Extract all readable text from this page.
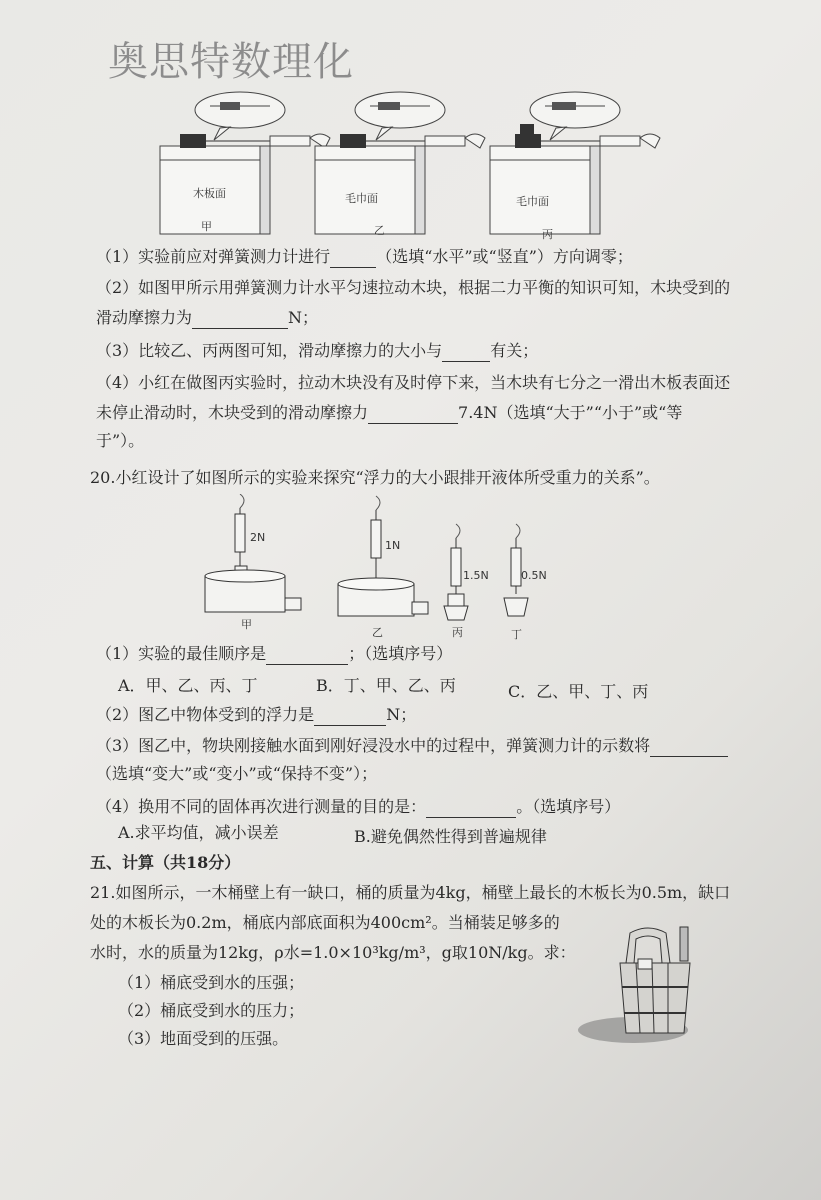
奥思特数理化
木板面	毛巾面	毛巾面
甲	乙	丙
（1）实验前应对弹簧测力计进行	（选填“水平”或“竖直”）方向调零；
（2）如图甲所示用弹簧测力计水平匀速拉动木块，根据二力平衡的知识可知，木块受到的
滑动摩擦力为	N；
（3）比较乙、丙两图可知，滑动摩擦力的大小与	有关；
（4）小红在做图丙实验时，拉动木块没有及时停下来，当木块有七分之一滑出木板表面还
未停止滑动时，木块受到的滑动摩擦力	7.4N（选填“大于”“小于”或“等
于”）。
20.小红设计了如图所示的实验来探究“浮力的大小跟排开液体所受重力的关系”。
2N
1N
1.5N	0.5N
甲
乙	丙	丁
（1）实验的最佳顺序是	；（选填序号）
A．甲、乙、丙、丁	B．丁、甲、乙、丙	C．乙、甲、丁、丙
（2）图乙中物体受到的浮力是	N；
（3）图乙中，物块刚接触水面到刚好浸没水中的过程中，弹簧测力计的示数将
（选填“变大”或“变小”或“保持不变”）；
（4）换用不同的固体再次进行测量的目的是：	。（选填序号）
A.求平均值，减小误差	B.避免偶然性得到普遍规律
五、计算（共18分）
21.如图所示，一木桶壁上有一缺口，桶的质量为4kg，桶壁上最长的木板长为0.5m，缺口
处的木板长为0.2m，桶底内部底面积为400cm²。当桶装足够多的
水时，水的质量为12kg，ρ水=1.0×10³kg/m³，g取10N/kg。求：
（1）桶底受到水的压强；
（2）桶底受到水的压力；
（3）地面受到的压强。
